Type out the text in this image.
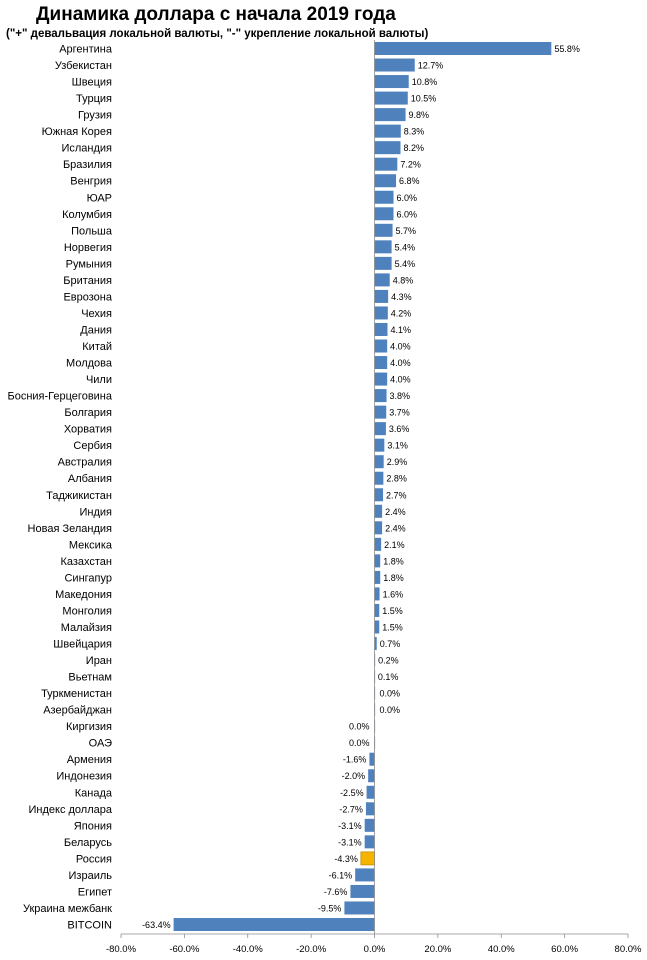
Динамика доллара с начала 2019 года
("+" девальвация локальной валюты, "-" укрепление локальной валюты)
Аргентина	55.8%
Узбекистан	12.7%
Швеция	10.8%
Турция	10.5%
Грузия	9.8%
Южная Корея	8.3%
Исландия	8.2%
Бразилия	7.2%
Венгрия	6.8%
ЮАР	6.0%
Колумбия	6.0%
Польша	5.7%
Норвегия	5.4%
Румыния	5.4%
Британия	4.8%
Еврозона	4.3%
Чехия	4.2%
Дания	4.1%
Китай	4.0%
Молдова	4.0%
Чили	4.0%
Босния-Герцеговина	3.8%
Болгария	3.7%
Хорватия	3.6%
Сербия	3.1%
Австралия	2.9%
Албания	2.8%
Таджикистан	2.7%
Индия	2.4%
Новая Зеландия	2.4%
Мексика	2.1%
Казахстан	1.8%
Сингапур	1.8%
Македония	1.6%
Монголия	1.5%
Малайзия	1.5%
Швейцария	0.7%
Иран	0.2%
Вьетнам	0.1%
Туркменистан	0.0%
Азербайджан	0.0%
Киргизия	0.0%
ОАЭ	0.0%
Армения	-1.6%
Индонезия	-2.0%
Канада	-2.5%
Индекс доллара	-2.7%
Япония	-3.1%
Беларусь	-3.1%
Россия	-4.3%
Израиль	-6.1%
Египет	-7.6%
Украина межбанк	-9.5%
BITCOIN	-63.4%
-80.0%	-60.0%	-40.0%	-20.0%	0.0%	20.0%	40.0%	60.0%	80.0%
